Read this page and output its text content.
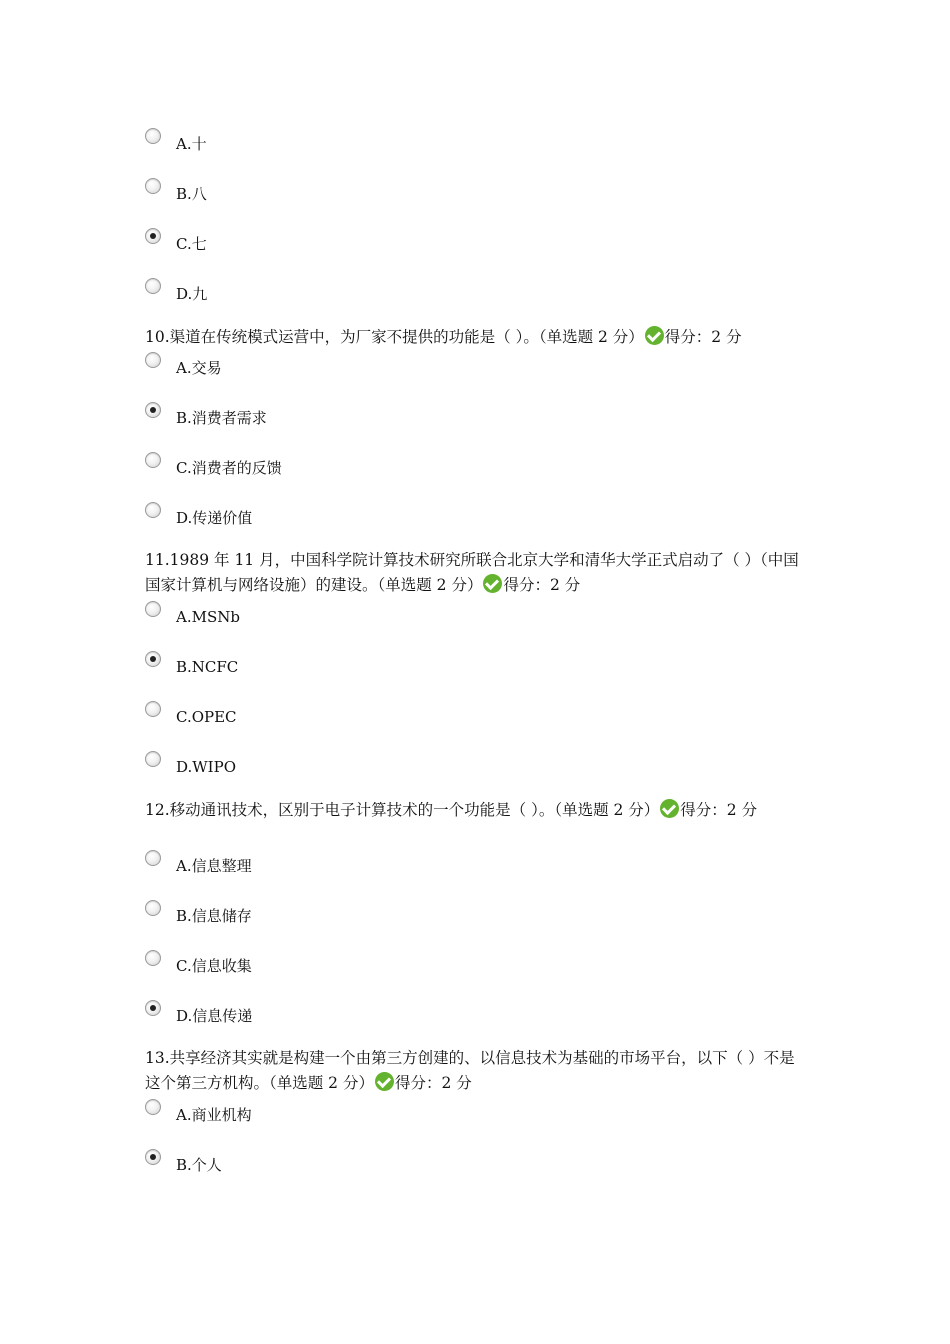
A.十
B.八
C.七
D.九
10.渠道在传统模式运营中，为厂家不提供的功能是（ ）。（单选题 2 分） 得分：2 分
A.交易
B.消费者需求
C.消费者的反馈
D.传递价值
11.1989 年 11 月，中国科学院计算技术研究所联合北京大学和清华大学正式启动了（ ）（中国国家计算机与网络设施）的建设。（单选题 2 分） 得分：2 分
A.MSNb
B.NCFC
C.OPEC
D.WIPO
12.移动通讯技术，区别于电子计算技术的一个功能是（ ）。（单选题 2 分） 得分：2 分
A.信息整理
B.信息储存
C.信息收集
D.信息传递
13.共享经济其实就是构建一个由第三方创建的、以信息技术为基础的市场平台，以下（ ）不是这个第三方机构。（单选题 2 分） 得分：2 分
A.商业机构
B.个人
